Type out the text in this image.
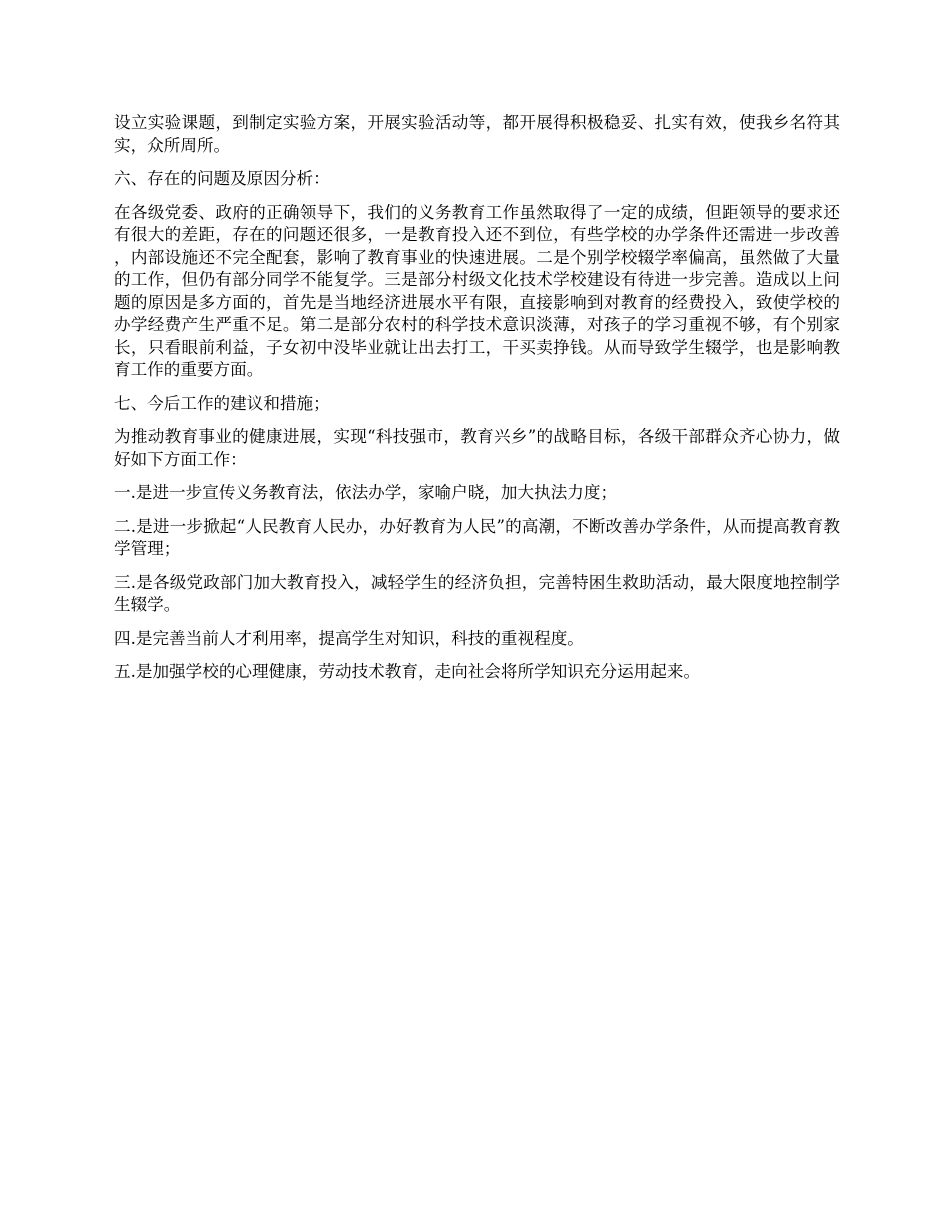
设立实验课题，到制定实验方案，开展实验活动等，都开展得积极稳妥、扎实有效，使我乡名符其实，众所周所。

六、存在的问题及原因分析：

在各级党委、政府的正确领导下，我们的义务教育工作虽然取得了一定的成绩，但距领导的要求还有很大的差距，存在的问题还很多，一是教育投入还不到位，有些学校的办学条件还需进一步改善，内部设施还不完全配套，影响了教育事业的快速进展。二是个别学校辍学率偏高，虽然做了大量的工作，但仍有部分同学不能复学。三是部分村级文化技术学校建设有待进一步完善。造成以上问题的原因是多方面的，首先是当地经济进展水平有限，直接影响到对教育的经费投入，致使学校的办学经费产生严重不足。第二是部分农村的科学技术意识淡薄，对孩子的学习重视不够，有个别家长，只看眼前利益，子女初中没毕业就让出去打工，干买卖挣钱。从而导致学生辍学，也是影响教育工作的重要方面。

七、今后工作的建议和措施；

为推动教育事业的健康进展，实现“科技强市，教育兴乡”的战略目标，各级干部群众齐心协力，做好如下方面工作：

一.是进一步宣传义务教育法，依法办学，家喻户晓，加大执法力度；

二.是进一步掀起“人民教育人民办，办好教育为人民”的高潮，不断改善办学条件，从而提高教育教学管理；

三.是各级党政部门加大教育投入，减轻学生的经济负担，完善特困生救助活动，最大限度地控制学生辍学。

四.是完善当前人才利用率，提高学生对知识，科技的重视程度。

五.是加强学校的心理健康，劳动技术教育，走向社会将所学知识充分运用起来。
